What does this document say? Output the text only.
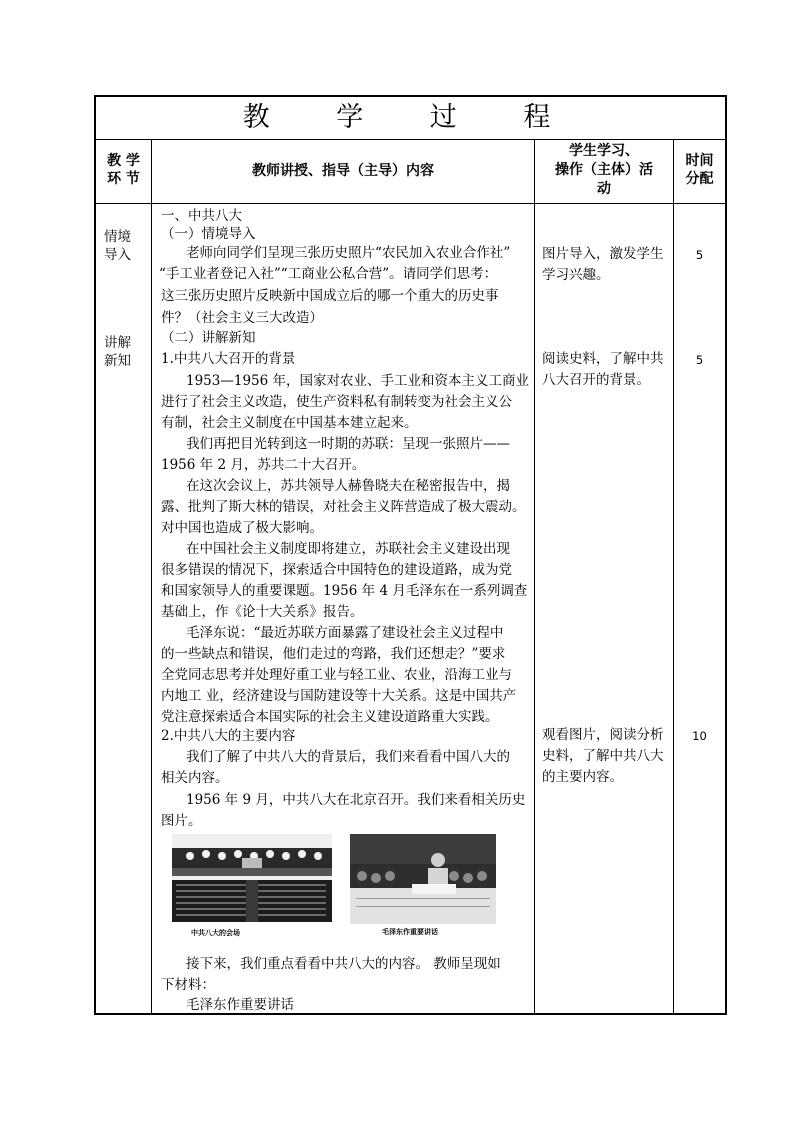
教 学 过 程
教 学
环 节	教师讲授、指导（主导）内容
学生学习、
操作（主体）活
动
时间
分配
情境
导入
讲解
新知
一、中共八大
（一）情境导入
老师向同学们呈现三张历史照片“农民加入农业合作社”
“手工业者登记入社”“工商业公私合营”。请同学们思考：
这三张历史照片反映新中国成立后的哪一个重大的历史事
件？（社会主义三大改造）
（二）讲解新知
1.中共八大召开的背景
1953—1956 年，国家对农业、手工业和资本主义工商业
进行了社会主义改造，使生产资料私有制转变为社会主义公
有制，社会主义制度在中国基本建立起来。
我们再把目光转到这一时期的苏联：呈现一张照片——
1956 年 2 月，苏共二十大召开。
在这次会议上，苏共领导人赫鲁晓夫在秘密报告中，揭
露、批判了斯大林的错误，对社会主义阵营造成了极大震动。
对中国也造成了极大影响。
在中国社会主义制度即将建立，苏联社会主义建设出现
很多错误的情况下，探索适合中国特色的建设道路，成为党
和国家领导人的重要课题。1956 年 4 月毛泽东在一系列调查
基础上，作《论十大关系》报告。
毛泽东说：“最近苏联方面暴露了建设社会主义过程中
的一些缺点和错误，他们走过的弯路，我们还想走？”要求
全党同志思考并处理好重工业与轻工业、农业，沿海工业与
内地工 业，经济建设与国防建设等十大关系。这是中国共产
党注意探索适合本国实际的社会主义建设道路重大实践。
2.中共八大的主要内容
我们了解了中共八大的背景后，我们来看看中国八大的
相关内容。
1956 年 9 月，中共八大在北京召开。我们来看相关历史
图片。
中共八大的会场	毛泽东作重要讲话
接下来，我们重点看看中共八大的内容。 教师呈现如
下材料：
毛泽东作重要讲话
图片导入，激发学生
学习兴趣。
阅读史料，了解中共
八大召开的背景。
观看图片，阅读分析
史料，了解中共八大
的主要内容。
5
5
10
